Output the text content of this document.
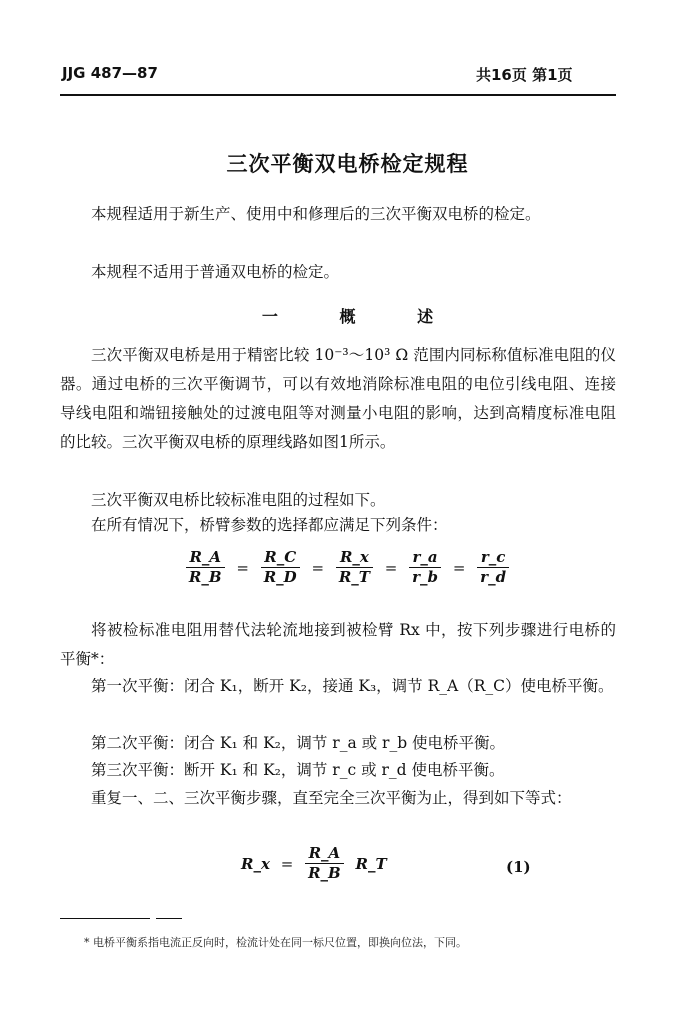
JJG 487—87	共16页 第1页
三次平衡双电桥检定规程
本规程适用于新生产、使用中和修理后的三次平衡双电桥的检定。
本规程不适用于普通双电桥的检定。
一 概 述
三次平衡双电桥是用于精密比较 10⁻³～10³ Ω 范围内同标称值标准电阻的仪器。通过电桥的三次平衡调节，可以有效地消除标准电阻的电位引线电阻、连接导线电阻和端钮接触处的过渡电阻等对测量小电阻的影响，达到高精度标准电阻的比较。三次平衡双电桥的原理线路如图1所示。
三次平衡双电桥比较标准电阻的过程如下。
在所有情况下，桥臂参数的选择都应满足下列条件：
$\frac{R\_A}{R\_B} = \frac{R\_C}{R\_D} = \frac{R\_x}{R\_T} = \frac{r\_a}{r\_b} = \frac{r\_c}{r\_d}$
将被检标准电阻用替代法轮流地接到被检臂 Rx 中，按下列步骤进行电桥的平衡*：
第一次平衡：闭合 K₁，断开 K₂，接通 K₃，调节 R_A（R_C）使电桥平衡。
第二次平衡：闭合 K₁ 和 K₂，调节 r_a 或 r_b 使电桥平衡。
第三次平衡：断开 K₁ 和 K₂，调节 r_c 或 r_d 使电桥平衡。
重复一、二、三次平衡步骤，直至完全三次平衡为止，得到如下等式：
R_x = $\frac{R\_A}{R\_B}$ R_T	(1)
* 电桥平衡系指电流正反向时，检流计处在同一标尺位置，即换向位法，下同。
